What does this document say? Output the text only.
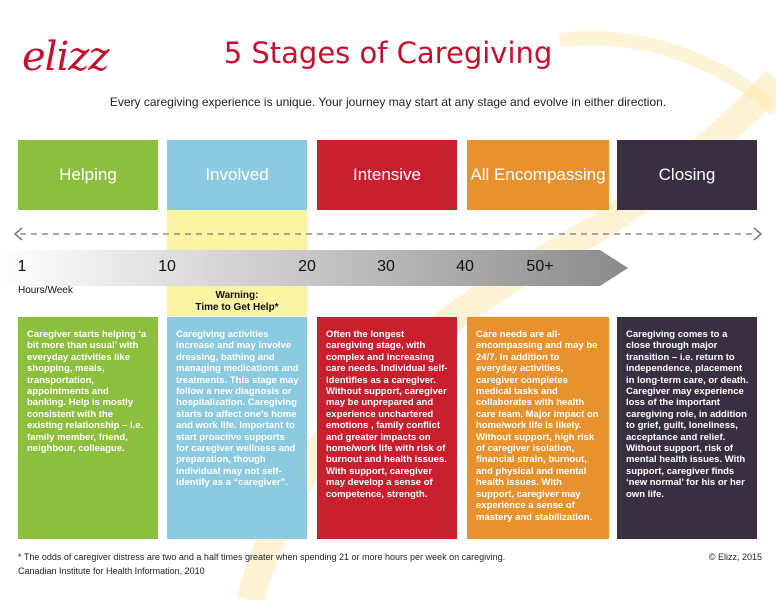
elizz	5 Stages of Caregiving
Every caregiving experience is unique. Your journey may start at any stage and evolve in either direction.
Helping	Involved	Intensive	All Encompassing	Closing
1	10	20	30	40	50+
Hours/Week	Warning:
Time to Get Help*
Caregiver starts helping ‘a bit more than usual’ with everyday activities like shopping, meals, transportation, appointments and banking. Help is mostly consistent with the existing relationship – i.e. family member, friend, neighbour, colleague.
Caregiving activities increase and may involve dressing, bathing and managing medications and treatments. This stage may follow a new diagnosis or hospitalization. Caregiving starts to affect one’s home and work life. Important to start proactive supports for caregiver wellness and preparation, though individual may not self-identify as a “caregiver”.
Often the longest caregiving stage, with complex and increasing care needs. Individual self-identifies as a caregiver. Without support, caregiver may be unprepared and experience unchartered emotions , family conflict and greater impacts on home/work life with risk of burnout and health issues. With support, caregiver may develop a sense of competence, strength.
Care needs are all-encompassing and may be 24/7. In addition to everyday activities, caregiver completes medical tasks and collaborates with health care team. Major impact on home/work life is likely. Without support, high risk of caregiver isolation, financial strain, burnout, and physical and mental health issues. With support, caregiver may experience a sense of mastery and stabilization.
Caregiving comes to a close through major transition – i.e. return to independence, placement in long-term care, or death. Caregiver may experience loss of the important caregiving role, in addition to grief, guilt, loneliness, acceptance and relief. Without support, risk of mental health issues. With support, caregiver finds ‘new normal’ for his or her own life.
* The odds of caregiver distress are two and a half times greater when spending 21 or more hours per week on caregiving.
Canadian Institute for Health Information, 2010
© Elizz, 2015
